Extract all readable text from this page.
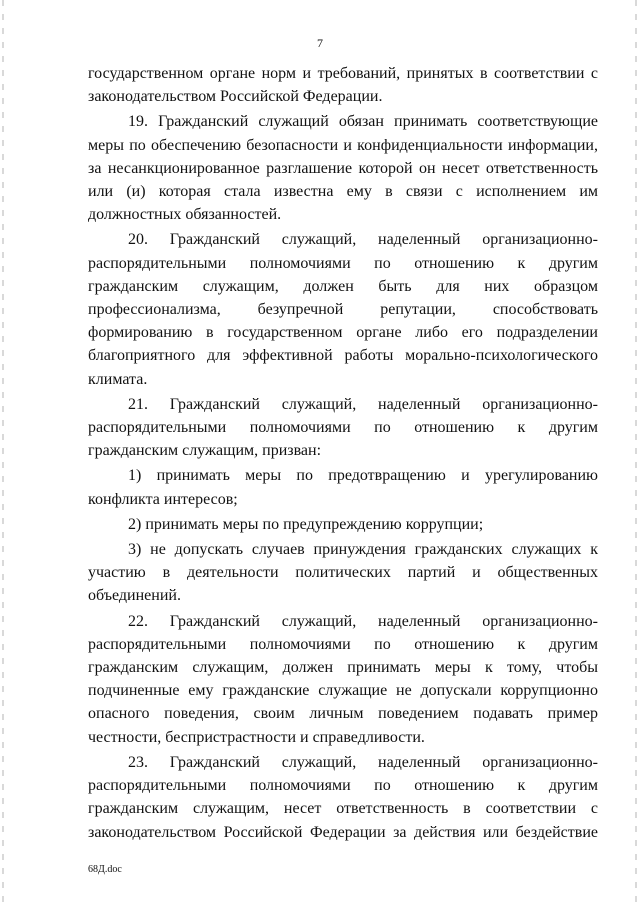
7

государственном органе норм и требований, принятых в соответствии с
законодательством Российской Федерации.

19. Гражданский служащий обязан принимать соответствующие
меры по обеспечению безопасности и конфиденциальности информации,
за несанкционированное разглашение которой он несет ответственность
или (и) которая стала известна ему в связи с исполнением им
должностных обязанностей.

20. Гражданский служащий, наделенный организационно-
распорядительными полномочиями по отношению к другим
гражданским служащим, должен быть для них образцом
профессионализма, безупречной репутации, способствовать
формированию в государственном органе либо его подразделении
благоприятного для эффективной работы морально-психологического
климата.

21. Гражданский служащий, наделенный организационно-
распорядительными полномочиями по отношению к другим
гражданским служащим, призван:

1) принимать меры по предотвращению и урегулированию
конфликта интересов;

2) принимать меры по предупреждению коррупции;

3) не допускать случаев принуждения гражданских служащих к
участию в деятельности политических партий и общественных
объединений.

22. Гражданский служащий, наделенный организационно-
распорядительными полномочиями по отношению к другим
гражданским служащим, должен принимать меры к тому, чтобы
подчиненные ему гражданские служащие не допускали коррупционно
опасного поведения, своим личным поведением подавать пример
честности, беспристрастности и справедливости.

23. Гражданский служащий, наделенный организационно-
распорядительными полномочиями по отношению к другим
гражданским служащим, несет ответственность в соответствии с
законодательством Российской Федерации за действия или бездействие

68Д.doc
